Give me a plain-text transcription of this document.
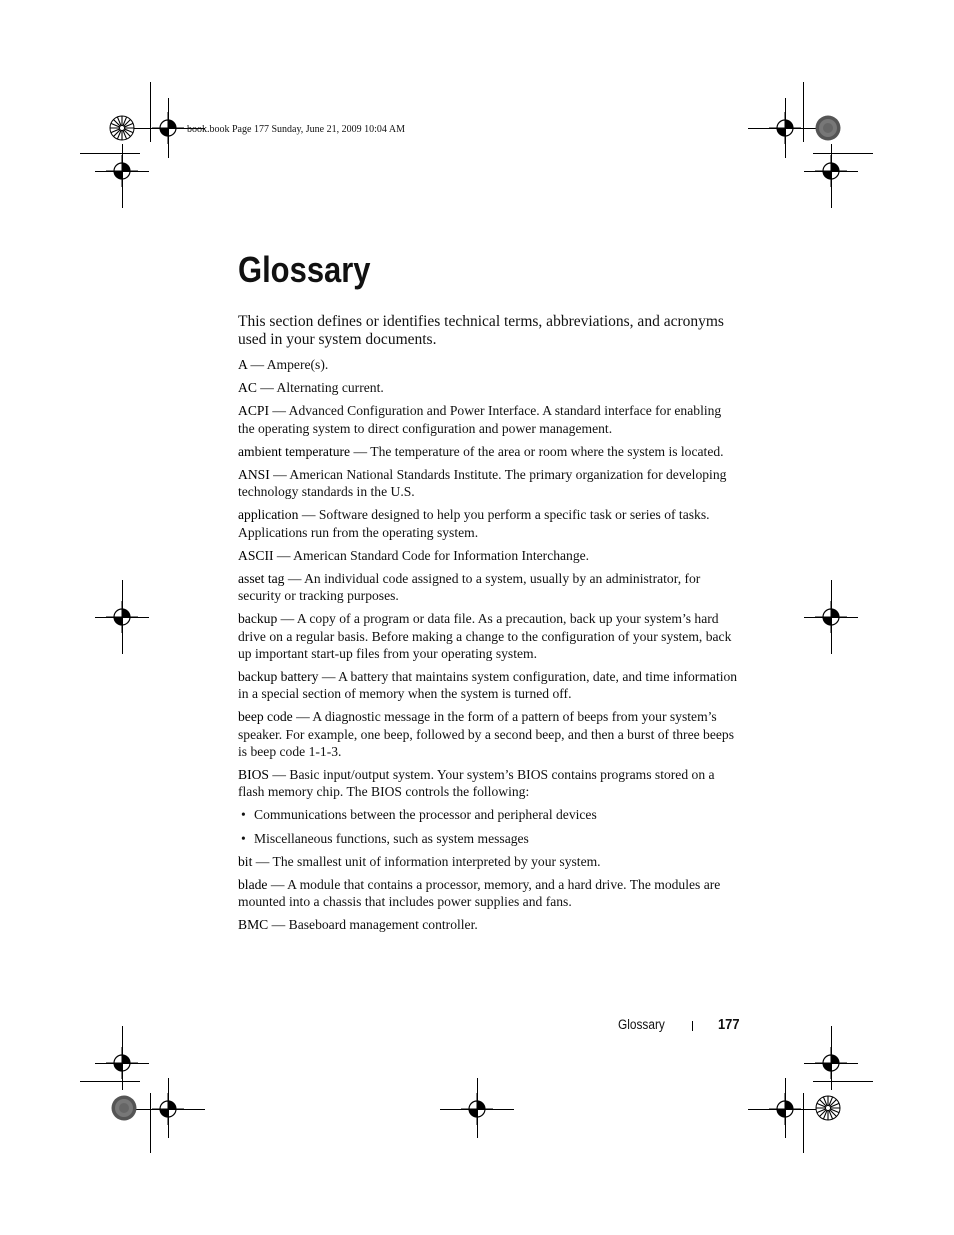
book.book Page 177 Sunday, June 21, 2009 10:04 AM
Glossary

This section defines or identifies technical terms, abbreviations, and acronyms used in your system documents.

A — Ampere(s).

AC — Alternating current.

ACPI — Advanced Configuration and Power Interface. A standard interface for enabling the operating system to direct configuration and power management.

ambient temperature — The temperature of the area or room where the system is located.

ANSI — American National Standards Institute. The primary organization for developing technology standards in the U.S.

application — Software designed to help you perform a specific task or series of tasks. Applications run from the operating system.

ASCII — American Standard Code for Information Interchange.

asset tag — An individual code assigned to a system, usually by an administrator, for security or tracking purposes.

backup — A copy of a program or data file. As a precaution, back up your system’s hard drive on a regular basis. Before making a change to the configuration of your system, back up important start-up files from your operating system.

backup battery — A battery that maintains system configuration, date, and time information in a special section of memory when the system is turned off.

beep code — A diagnostic message in the form of a pattern of beeps from your system’s speaker. For example, one beep, followed by a second beep, and then a burst of three beeps is beep code 1-1-3.

BIOS — Basic input/output system. Your system’s BIOS contains programs stored on a flash memory chip. The BIOS controls the following:

• Communications between the processor and peripheral devices
• Miscellaneous functions, such as system messages

bit — The smallest unit of information interpreted by your system.

blade — A module that contains a processor, memory, and a hard drive. The modules are mounted into a chassis that includes power supplies and fans.

BMC — Baseboard management controller.

Glossary	177
